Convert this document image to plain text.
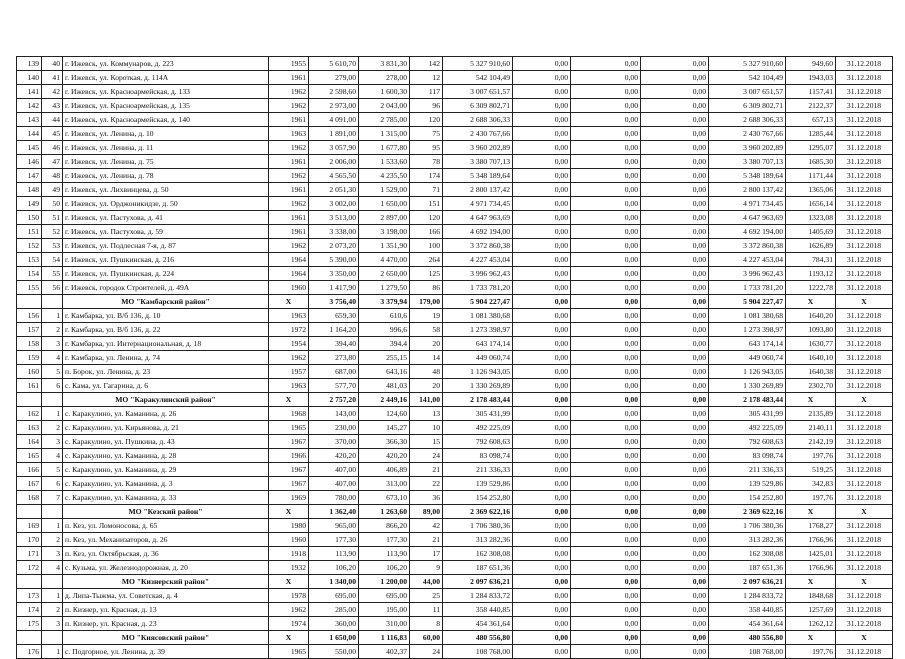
139	40	г. Ижевск, ул. Коммунаров, д. 223	1955	5 610,70	3 831,30	142	5 327 910,60	0,00	0,00	0,00	5 327 910,60	949,60	31.12.2018
140	41	г. Ижевск, ул. Короткая, д. 114А	1961	279,00	278,00	12	542 104,49	0,00	0,00	0,00	542 104,49	1943,03	31.12.2018
141	42	г. Ижевск, ул. Красноармейская, д. 133	1962	2 598,60	1 600,30	117	3 007 651,57	0,00	0,00	0,00	3 007 651,57	1157,41	31.12.2018
142	43	г. Ижевск, ул. Красноармейская, д. 135	1962	2 973,00	2 043,00	96	6 309 802,71	0,00	0,00	0,00	6 309 802,71	2122,37	31.12.2018
143	44	г. Ижевск, ул. Красноармейская, д. 140	1961	4 091,00	2 785,00	120	2 688 306,33	0,00	0,00	0,00	2 688 306,33	657,13	31.12.2018
144	45	г. Ижевск, ул. Ленина, д. 10	1963	1 891,00	1 315,00	75	2 430 767,66	0,00	0,00	0,00	2 430 767,66	1285,44	31.12.2018
145	46	г. Ижевск, ул. Ленина, д. 11	1962	3 057,90	1 677,80	95	3 960 202,89	0,00	0,00	0,00	3 960 202,89	1295,07	31.12.2018
146	47	г. Ижевск, ул. Ленина, д. 75	1961	2 006,00	1 533,60	78	3 380 707,13	0,00	0,00	0,00	3 380 707,13	1685,30	31.12.2018
147	48	г. Ижевск, ул. Ленина, д. 78	1962	4 565,50	4 235,50	174	5 348 189,64	0,00	0,00	0,00	5 348 189,64	1171,44	31.12.2018
148	49	г. Ижевск, ул. Лихвинцева, д. 50	1961	2 051,30	1 529,00	71	2 800 137,42	0,00	0,00	0,00	2 800 137,42	1365,06	31.12.2018
149	50	г. Ижевск, ул. Орджоникидзе, д. 50	1962	3 002,00	1 650,00	151	4 971 734,45	0,00	0,00	0,00	4 971 734,45	1656,14	31.12.2018
150	51	г. Ижевск, ул. Пастухова, д. 41	1961	3 513,00	2 897,00	120	4 647 963,69	0,00	0,00	0,00	4 647 963,69	1323,08	31.12.2018
151	52	г. Ижевск, ул. Пастухова, д. 59	1961	3 338,00	3 198,00	166	4 692 194,00	0,00	0,00	0,00	4 692 194,00	1405,69	31.12.2018
152	53	г. Ижевск, ул. Подлесная 7-я, д. 87	1962	2 073,20	1 351,90	100	3 372 860,38	0,00	0,00	0,00	3 372 860,38	1626,89	31.12.2018
153	54	г. Ижевск, ул. Пушкинская, д. 216	1964	5 390,00	4 470,00	264	4 227 453,04	0,00	0,00	0,00	4 227 453,04	784,31	31.12.2018
154	55	г. Ижевск, ул. Пушкинская, д. 224	1964	3 350,00	2 650,00	125	3 996 962,43	0,00	0,00	0,00	3 996 962,43	1193,12	31.12.2018
155	56	г. Ижевск, городок Строителей, д. 49А	1960	1 417,90	1 279,50	86	1 733 781,20	0,00	0,00	0,00	1 733 781,20	1222,78	31.12.2018
		МО "Камбарский район"	X	3 756,40	3 379,94	179,00	5 904 227,47	0,00	0,00	0,00	5 904 227,47	X	X
156	1	г. Камбарка, ул. В/б 136, д. 10	1963	659,30	610,6	19	1 081 380,68	0,00	0,00	0,00	1 081 380,68	1640,20	31.12.2018
157	2	г. Камбарка, ул. В/б 136, д. 22	1972	1 164,20	996,6	58	1 273 398,97	0,00	0,00	0,00	1 273 398,97	1093,80	31.12.2018
158	3	г. Камбарка, ул. Интернациональная, д. 18	1954	394,40	394,4	20	643 174,14	0,00	0,00	0,00	643 174,14	1630,77	31.12.2018
159	4	г. Камбарка, ул. Ленина, д. 74	1962	273,80	255,15	14	449 060,74	0,00	0,00	0,00	449 060,74	1640,10	31.12.2018
160	5	п. Борок, ул. Ленина, д. 23	1957	687,00	643,16	48	1 126 943,05	0,00	0,00	0,00	1 126 943,05	1640,38	31.12.2018
161	6	с. Кама, ул. Гагарина, д. 6	1963	577,70	481,03	20	1 330 269,89	0,00	0,00	0,00	1 330 269,89	2302,70	31.12.2018
		МО "Каракулинский район"	X	2 757,20	2 449,16	141,00	2 178 483,44	0,00	0,00	0,00	2 178 483,44	X	X
162	1	с. Каракулино, ул. Каманина, д. 26	1968	143,00	124,60	13	305 431,99	0,00	0,00	0,00	305 431,99	2135,89	31.12.2018
163	2	с. Каракулино, ул. Кирьянова, д. 21	1965	230,00	145,27	10	492 225,09	0,00	0,00	0,00	492 225,09	2140,11	31.12.2018
164	3	с. Каракулино, ул. Пушкина, д. 43	1967	370,00	366,30	15	792 608,63	0,00	0,00	0,00	792 608,63	2142,19	31.12.2018
165	4	с. Каракулино, ул. Каманина, д. 28	1966	420,20	420,20	24	83 098,74	0,00	0,00	0,00	83 098,74	197,76	31.12.2018
166	5	с. Каракулино, ул. Каманина, д. 29	1967	407,00	406,89	21	211 336,33	0,00	0,00	0,00	211 336,33	519,25	31.12.2018
167	6	с. Каракулино, ул. Каманина, д. 3	1967	407,00	313,00	22	139 529,86	0,00	0,00	0,00	139 529,86	342,83	31.12.2018
168	7	с. Каракулино, ул. Каманина, д. 33	1969	780,00	673,10	36	154 252,80	0,00	0,00	0,00	154 252,80	197,76	31.12.2018
		МО "Кезский район"	X	1 362,40	1 263,60	89,00	2 369 622,16	0,00	0,00	0,00	2 369 622,16	X	X
169	1	п. Кез, ул. Ломоносова, д. 65	1980	965,00	866,20	42	1 706 380,36	0,00	0,00	0,00	1 706 380,36	1768,27	31.12.2018
170	2	п. Кез, ул. Механизаторов, д. 26	1960	177,30	177,30	21	313 282,36	0,00	0,00	0,00	313 282,36	1766,96	31.12.2018
171	3	п. Кез, ул. Октябрьская, д. 36	1918	113,90	113,90	17	162 308,08	0,00	0,00	0,00	162 308,08	1425,01	31.12.2018
172	4	с. Кузьма, ул. Железнодорожная, д. 20	1932	106,20	106,20	9	187 651,36	0,00	0,00	0,00	187 651,36	1766,96	31.12.2018
		МО "Кизнерский район"	X	1 340,00	1 200,00	44,00	2 097 636,21	0,00	0,00	0,00	2 097 636,21	X	X
173	1	д. Липа-Тыжма, ул. Советская, д. 4	1978	695,00	695,00	25	1 284 833,72	0,00	0,00	0,00	1 284 833,72	1848,68	31.12.2018
174	2	п. Кизнер, ул. Красная, д. 13	1962	285,00	195,00	11	358 440,85	0,00	0,00	0,00	358 440,85	1257,69	31.12.2018
175	3	п. Кизнер, ул. Красная, д. 23	1974	360,00	310,00	8	454 361,64	0,00	0,00	0,00	454 361,64	1262,12	31.12.2018
		МО "Киясовский район"	X	1 650,00	1 116,83	60,00	480 556,80	0,00	0,00	0,00	480 556,80	X	X
176	1	с. Подгорное, ул. Ленина, д. 39	1965	550,00	402,37	24	108 768,00	0,00	0,00	0,00	108 768,00	197,76	31.12.2018
